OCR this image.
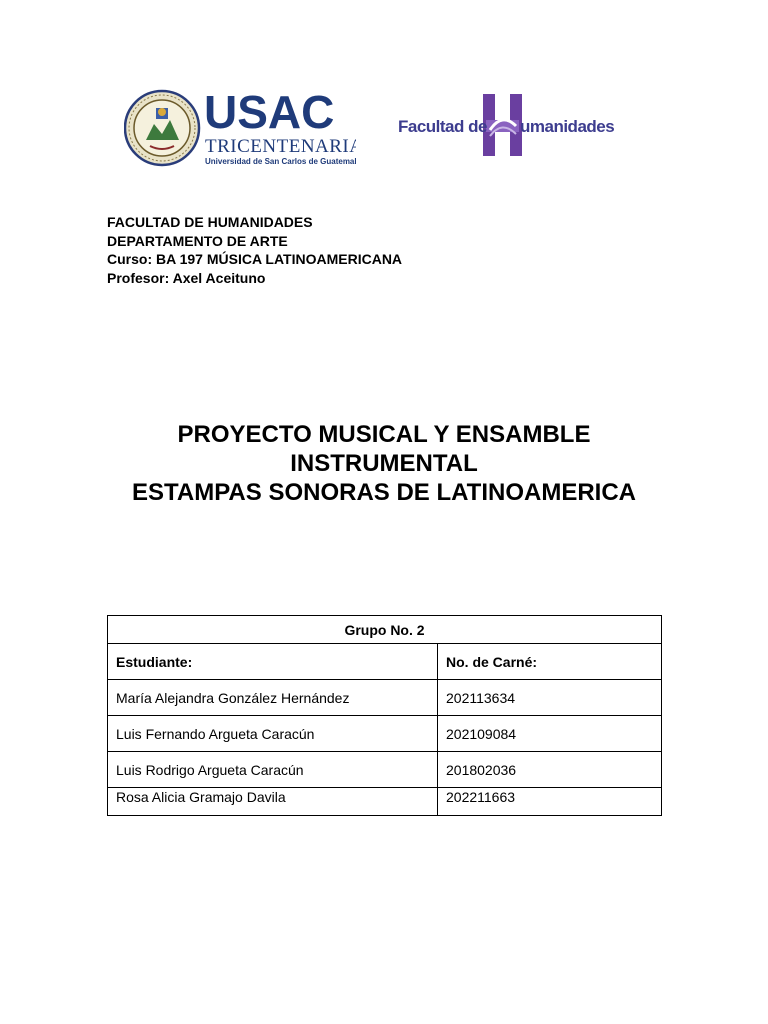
USAC
TRICENTENARIA
Universidad de San Carlos de Guatemala
Facultad de umanidades
FACULTAD DE HUMANIDADES
DEPARTAMENTO DE ARTE
Curso: BA 197 MÚSICA LATINOAMERICANA
Profesor: Axel Aceituno
PROYECTO MUSICAL Y ENSAMBLE
INSTRUMENTAL
ESTAMPAS SONORAS DE LATINOAMERICA
Grupo No. 2	
Estudiante:	No. de Carné:
María Alejandra González Hernández	202113634
Luis Fernando Argueta Caracún	202109084
Luis Rodrigo Argueta Caracún	201802036
Rosa Alicia Gramajo Davila	202211663
